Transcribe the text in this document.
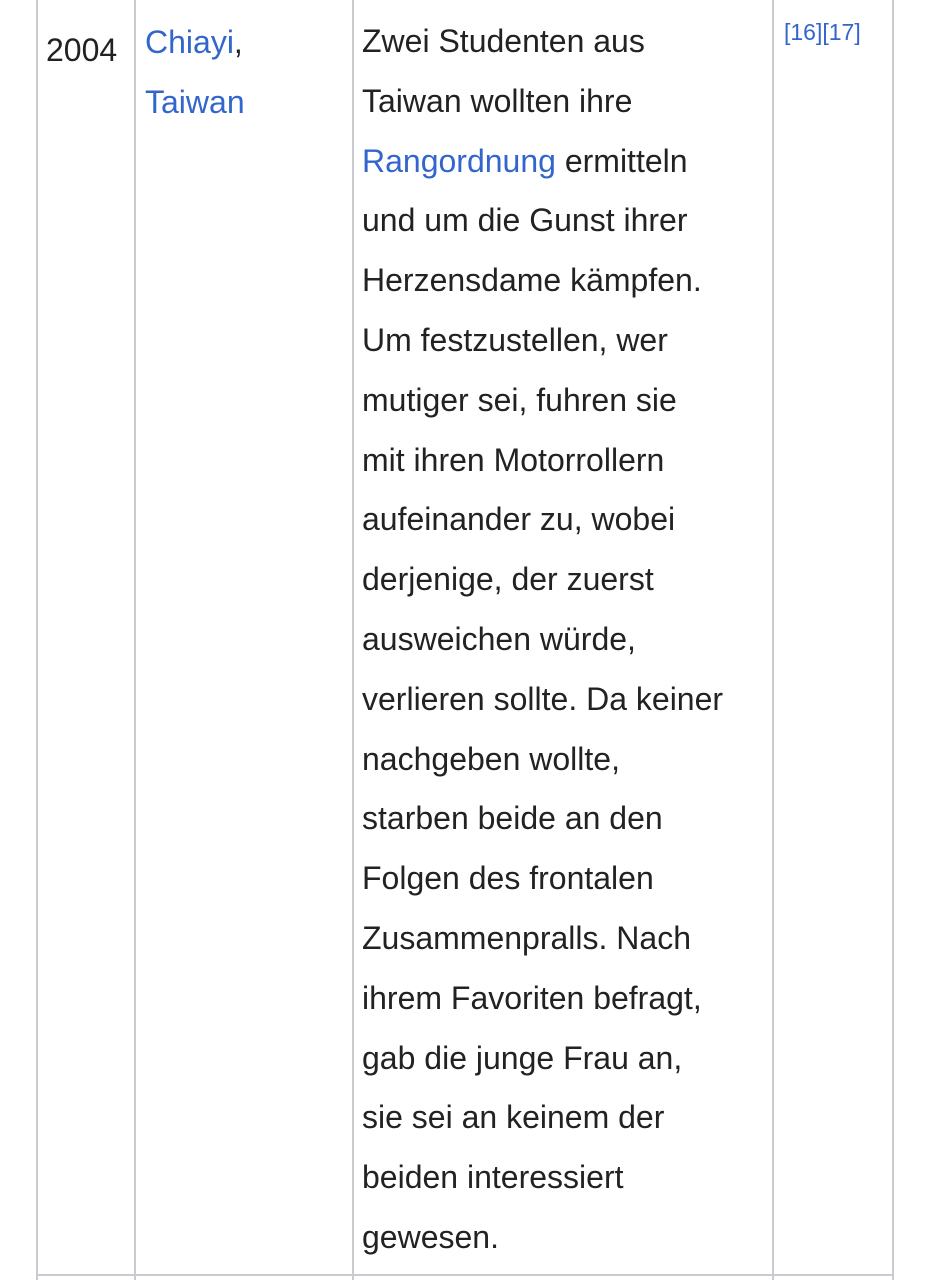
2004 Chiayi,
Taiwan
Zwei Studenten aus
Taiwan wollten ihre
Rangordnung ermitteln
und um die Gunst ihrer
Herzensdame kämpfen.
Um festzustellen, wer
mutiger sei, fuhren sie
mit ihren Motorrollern
aufeinander zu, wobei
derjenige, der zuerst
ausweichen würde,
verlieren sollte. Da keiner
nachgeben wollte,
starben beide an den
Folgen des frontalen
Zusammenpralls. Nach
ihrem Favoriten befragt,
gab die junge Frau an,
sie sei an keinem der
beiden interessiert
gewesen.
[16][17]
